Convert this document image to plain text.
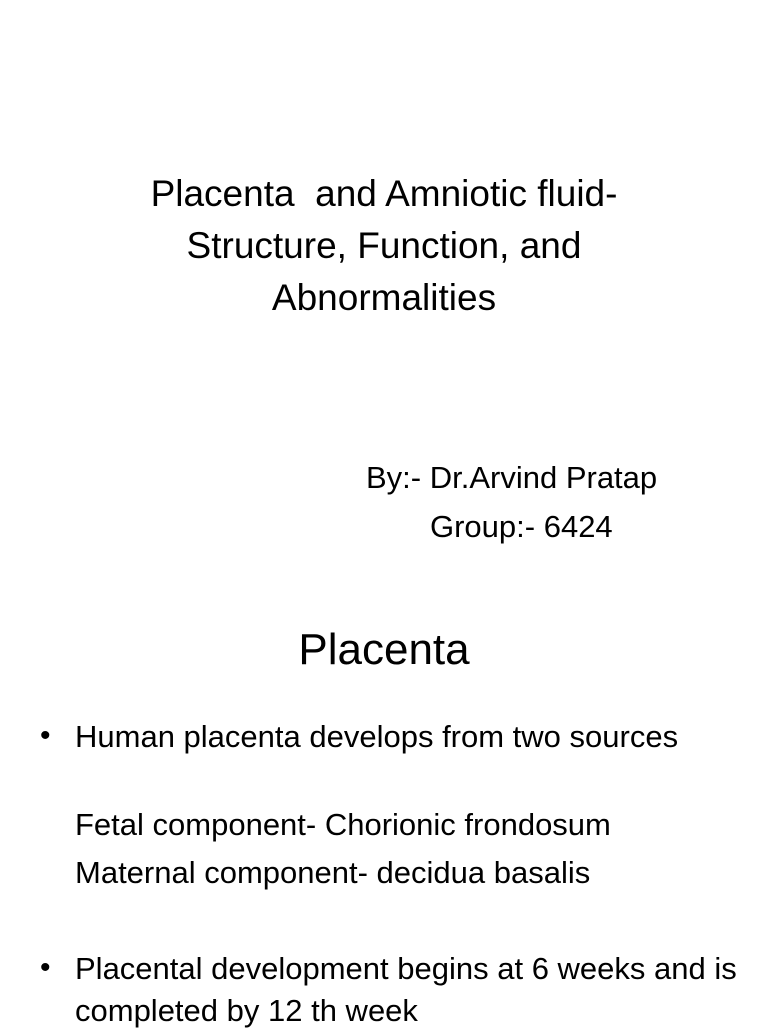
Placenta  and Amniotic fluid-
Structure, Function, and
Abnormalities
By:- Dr.Arvind Pratap
Group:- 6424
Placenta
• Human placenta develops from two sources
Fetal component- Chorionic frondosum
Maternal component- decidua basalis
• Placental development begins at 6 weeks and is completed by 12 th week
